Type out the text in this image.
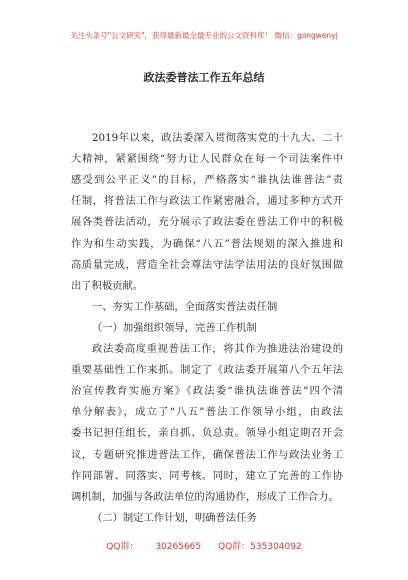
关注头条号"公文研究"，获得最新最全最专业的公文资料库！ 微信：gongwenyj
政法委普法工作五年总结
2019年以来，政法委深入贯彻落实党的十九大、二十
大精神，紧紧围绕“努力让人民群众在每一个司法案件中
感受到公平正义”的目标，严格落实“谁执法谁普法”责
任制，将普法工作与政法工作紧密融合，通过多种方式开
展各类普法活动，充分展示了政法委在普法工作中的积极
作为和生动实践，为确保“八五”普法规划的深入推进和
高质量完成，营造全社会尊法守法学法用法的良好氛围做
出了积极贡献。
一、夯实工作基础，全面落实普法责任制
（一）加强组织领导，完善工作机制
政法委高度重视普法工作，将其作为推进法治建设的
重要基础性工作来抓。制定了《政法委开展第八个五年法
治宣传教育实施方案》《政法委“谁执法谁普法”四个清
单分解表》，成立了“八五”普法工作领导小组，由政法
委书记担任组长，亲自抓、负总责。领导小组定期召开会
议，专题研究推进普法工作，确保普法工作与政法业务工
作同部署、同落实、同考核。同时，建立了完善的工作协
调机制，加强与各政法单位的沟通协作，形成了工作合力。
（二）制定工作计划，明确普法任务
QQ群： 30265665 QQ群：535304092
